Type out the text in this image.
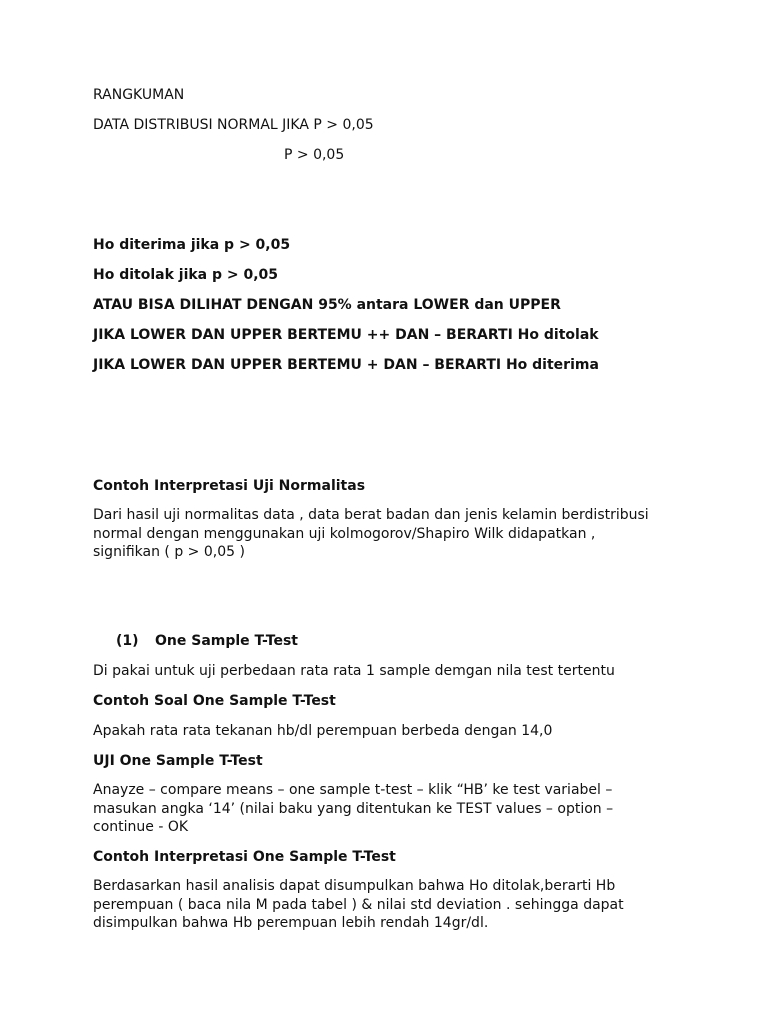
RANGKUMAN
DATA DISTRIBUSI NORMAL JIKA P > 0,05
P > 0,05
Ho diterima jika p > 0,05
Ho ditolak jika p > 0,05
ATAU BISA DILIHAT DENGAN 95% antara LOWER dan UPPER
JIKA LOWER DAN UPPER BERTEMU ++ DAN – BERARTI Ho ditolak
JIKA LOWER DAN UPPER BERTEMU + DAN – BERARTI Ho diterima
Contoh Interpretasi Uji Normalitas
Dari hasil uji normalitas data , data berat badan dan jenis kelamin berdistribusi
normal dengan menggunakan uji kolmogorov/Shapiro Wilk didapatkan ,
signifikan ( p > 0,05 )
(1) One Sample T-Test
Di pakai untuk uji perbedaan rata rata 1 sample demgan nila test tertentu
Contoh Soal One Sample T-Test
Apakah rata rata tekanan hb/dl perempuan berbeda dengan 14,0
UJI One Sample T-Test
Anayze – compare means – one sample t-test – klik “HB’ ke test variabel –
masukan angka ‘14’ (nilai baku yang ditentukan ke TEST values – option –
continue - OK
Contoh Interpretasi One Sample T-Test
Berdasarkan hasil analisis dapat disumpulkan bahwa Ho ditolak,berarti Hb
perempuan ( baca nila M pada tabel ) & nilai std deviation . sehingga dapat
disimpulkan bahwa Hb perempuan lebih rendah 14gr/dl.
